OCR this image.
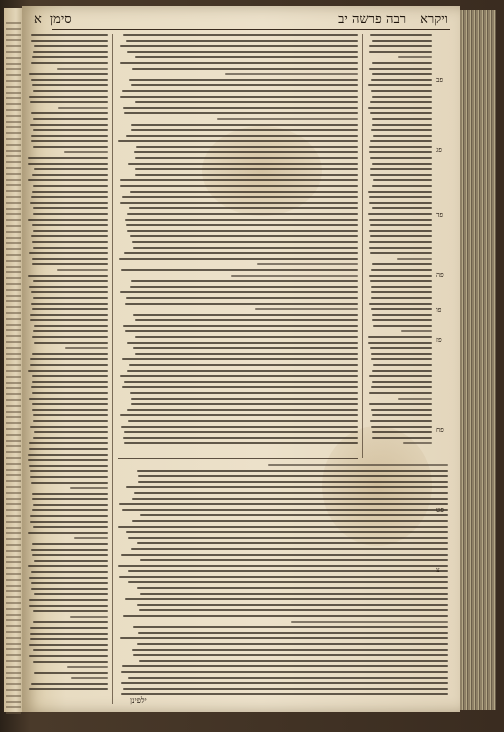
ויקרא
רבה פרשה יב
סימן
א
פב
פג
פד
פה
פו
פז
פח
פט
צ
ילפינן
